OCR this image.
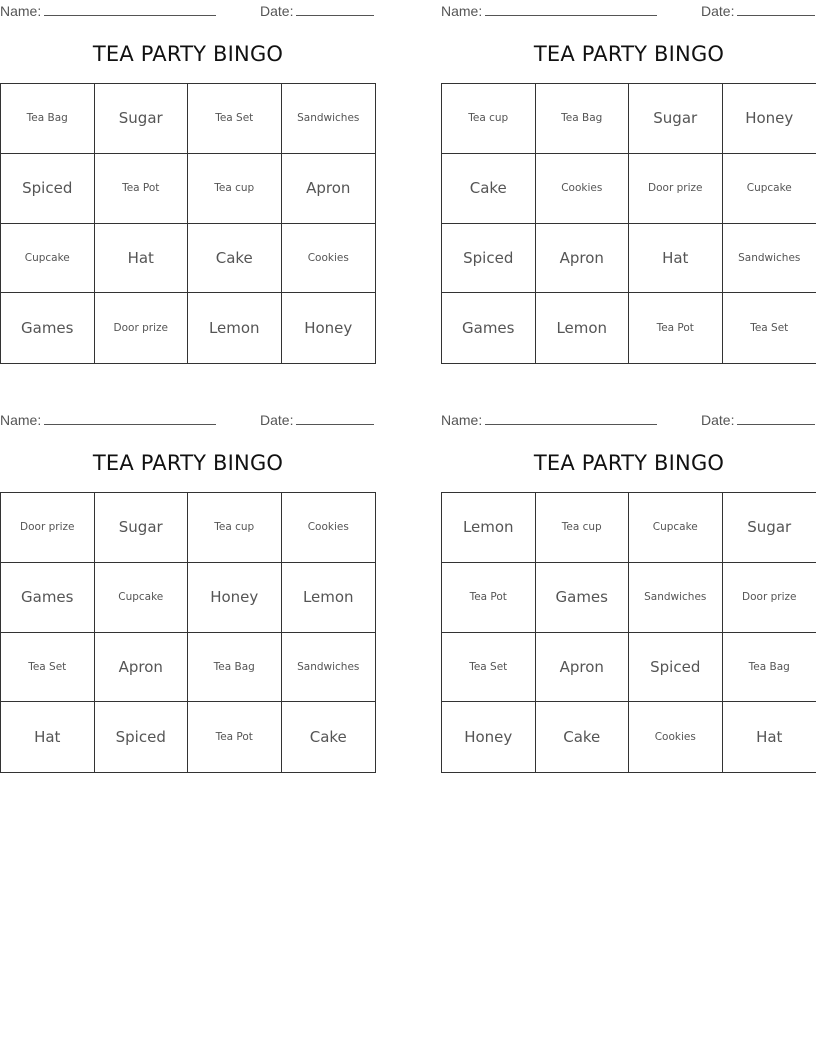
Name:	Date:
TEA PARTY BINGO
Tea Bag	Sugar	Tea Set	Sandwiches
Spiced	Tea Pot	Tea cup	Apron
Cupcake	Hat	Cake	Cookies
Games	Door prize	Lemon	Honey
Name:	Date:
TEA PARTY BINGO
Tea cup	Tea Bag	Sugar	Honey
Cake	Cookies	Door prize	Cupcake
Spiced	Apron	Hat	Sandwiches
Games	Lemon	Tea Pot	Tea Set
Name:	Date:
TEA PARTY BINGO
Door prize	Sugar	Tea cup	Cookies
Games	Cupcake	Honey	Lemon
Tea Set	Apron	Tea Bag	Sandwiches
Hat	Spiced	Tea Pot	Cake
Name:	Date:
TEA PARTY BINGO
Lemon	Tea cup	Cupcake	Sugar
Tea Pot	Games	Sandwiches	Door prize
Tea Set	Apron	Spiced	Tea Bag
Honey	Cake	Cookies	Hat
